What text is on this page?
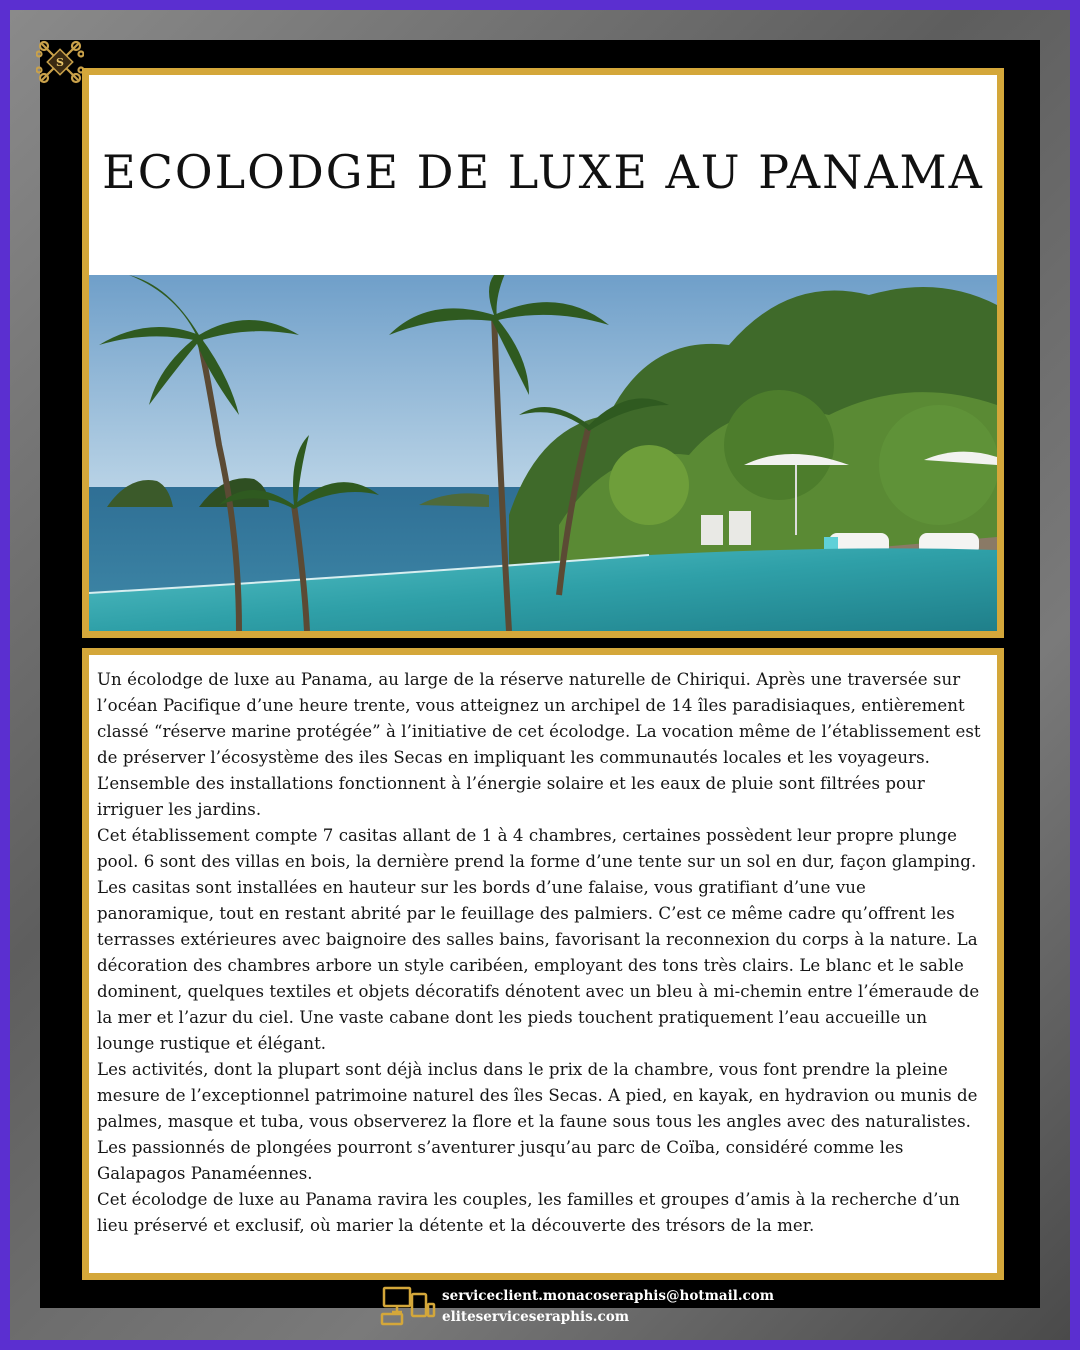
S
ECOLODGE DE LUXE AU PANAMA

Un écolodge de luxe au Panama, au large de la réserve naturelle de Chiriqui. Après une traversée sur l’océan Pacifique d’une heure trente, vous atteignez un archipel de 14 îles paradisiaques, entièrement classé “réserve marine protégée” à l’initiative de cet écolodge. La vocation même de l’établissement est de préserver l’écosystème des iles Secas en impliquant les communautés locales et les voyageurs. L’ensemble des installations fonctionnent à l’énergie solaire et les eaux de pluie sont filtrées pour irriguer les jardins.

Cet établissement compte 7 casitas allant de 1 à 4 chambres, certaines possèdent leur propre plunge pool. 6 sont des villas en bois, la dernière prend la forme d’une tente sur un sol en dur, façon glamping. Les casitas sont installées en hauteur sur les bords d’une falaise, vous gratifiant d’une vue panoramique, tout en restant abrité par le feuillage des palmiers. C’est ce même cadre qu’offrent les terrasses extérieures avec baignoire des salles bains, favorisant la reconnexion du corps à la nature. La décoration des chambres arbore un style caribéen, employant des tons très clairs. Le blanc et le sable dominent, quelques textiles et objets décoratifs dénotent avec un bleu à mi-chemin entre l’émeraude de la mer et l’azur du ciel. Une vaste cabane dont les pieds touchent pratiquement l’eau accueille un lounge rustique et élégant.

Les activités, dont la plupart sont déjà inclus dans le prix de la chambre, vous font prendre la pleine mesure de l’exceptionnel patrimoine naturel des îles Secas. A pied, en kayak, en hydravion ou munis de palmes, masque et tuba, vous observerez la flore et la faune sous tous les angles avec des naturalistes. Les passionnés de plongées pourront s’aventurer jusqu’au parc de Coïba, considéré comme les Galapagos Panaméennes.

Cet écolodge de luxe au Panama ravira les couples, les familles et groupes d’amis à la recherche d’un lieu préservé et exclusif, où marier la détente et la découverte des trésors de la mer.

serviceclient.monacoseraphis@hotmail.com
eliteserviceseraphis.com
